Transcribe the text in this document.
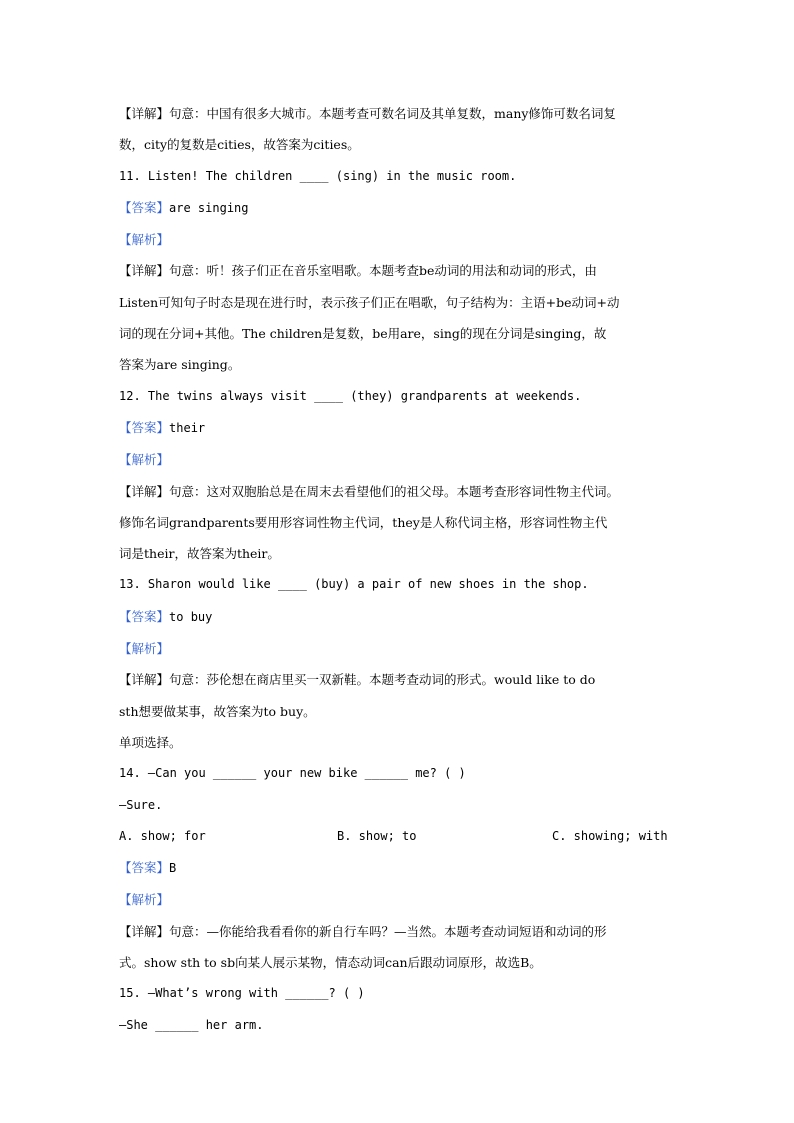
【详解】句意：中国有很多大城市。本题考查可数名词及其单复数，many修饰可数名词复

数，city的复数是cities，故答案为cities。

11. Listen! The children ____ (sing) in the music room.

【答案】are singing

【解析】

【详解】句意：听！孩子们正在音乐室唱歌。本题考查be动词的用法和动词的形式，由

Listen可知句子时态是现在进行时，表示孩子们正在唱歌，句子结构为：主语+be动词+动

词的现在分词+其他。The children是复数，be用are，sing的现在分词是singing，故

答案为are singing。

12. The twins always visit ____ (they) grandparents at weekends.

【答案】their

【解析】

【详解】句意：这对双胞胎总是在周末去看望他们的祖父母。本题考查形容词性物主代词。

修饰名词grandparents要用形容词性物主代词，they是人称代词主格，形容词性物主代

词是their，故答案为their。

13. Sharon would like ____ (buy) a pair of new shoes in the shop.

【答案】to buy

【解析】

【详解】句意：莎伦想在商店里买一双新鞋。本题考查动词的形式。would like to do

sth想要做某事，故答案为to buy。

单项选择。

14. —Can you ______ your new bike ______ me? ( )

—Sure.

A. show; for	B. show; to	C. showing; with

【答案】B

【解析】

【详解】句意：—你能给我看看你的新自行车吗？—当然。本题考查动词短语和动词的形

式。show sth to sb向某人展示某物，情态动词can后跟动词原形，故选B。

15. —What’s wrong with ______? ( )

—She ______ her arm.
